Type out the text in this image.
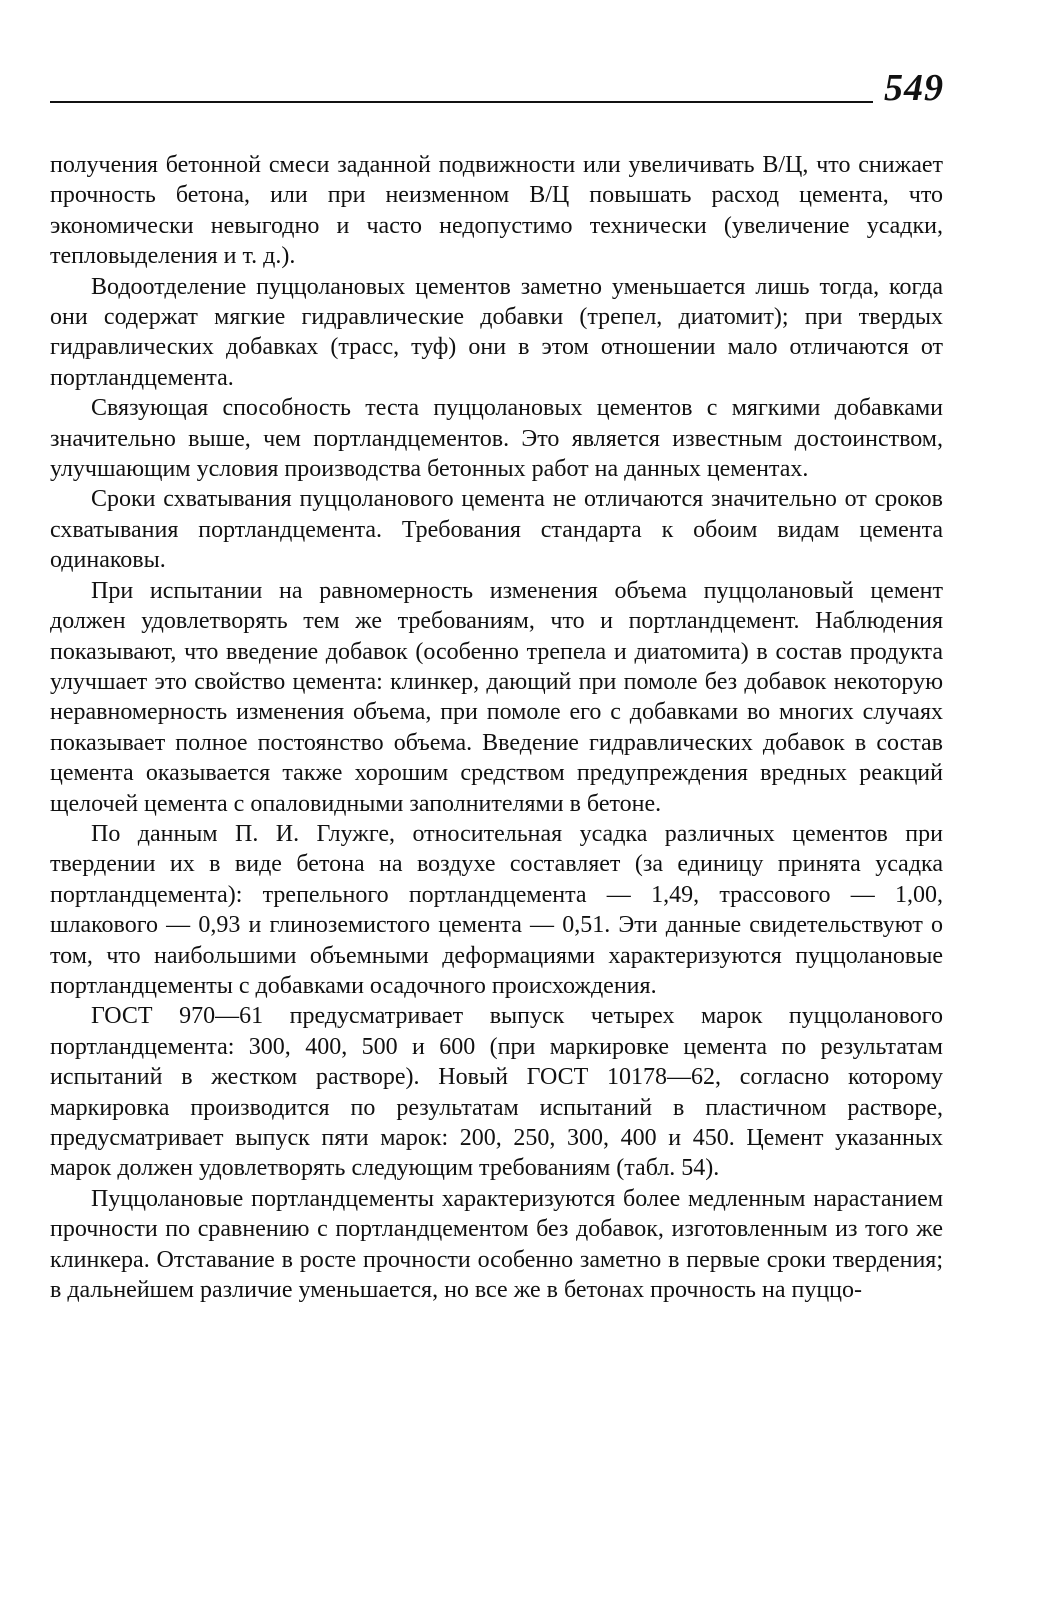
549

получения бетонной смеси заданной подвижности или увеличивать В/Ц, что снижает прочность бетона, или при неизменном В/Ц повышать расход цемента, что экономически невыгодно и часто недопустимо технически (увеличение усадки, тепловыделения и т. д.).

Водоотделение пуццолановых цементов заметно уменьшается лишь тогда, когда они содержат мягкие гидравлические добавки (трепел, диатомит); при твердых гидравлических добавках (трасс, туф) они в этом отношении мало отличаются от портландцемента.

Связующая способность теста пуццолановых цементов с мягкими добавками значительно выше, чем портландцементов. Это является известным достоинством, улучшающим условия производства бетонных работ на данных цементах.

Сроки схватывания пуццоланового цемента не отличаются значительно от сроков схватывания портландцемента. Требования стандарта к обоим видам цемента одинаковы.

При испытании на равномерность изменения объема пуццолановый цемент должен удовлетворять тем же требованиям, что и портландцемент. Наблюдения показывают, что введение добавок (особенно трепела и диатомита) в состав продукта улучшает это свойство цемента: клинкер, дающий при помоле без добавок некоторую неравномерность изменения объема, при помоле его с добавками во многих случаях показывает полное постоянство объема. Введение гидравлических добавок в состав цемента оказывается также хорошим средством предупреждения вредных реакций щелочей цемента с опаловидными заполнителями в бетоне.

По данным П. И. Глужге, относительная усадка различных цементов при твердении их в виде бетона на воздухе составляет (за единицу принята усадка портландцемента): трепельного портландцемента — 1,49, трассового — 1,00, шлакового — 0,93 и глиноземистого цемента — 0,51. Эти данные свидетельствуют о том, что наибольшими объемными деформациями характеризуются пуццолановые портландцементы с добавками осадочного происхождения.

ГОСТ 970—61 предусматривает выпуск четырех марок пуццоланового портландцемента: 300, 400, 500 и 600 (при маркировке цемента по результатам испытаний в жестком растворе). Новый ГОСТ 10178—62, согласно которому маркировка производится по результатам испытаний в пластичном растворе, предусматривает выпуск пяти марок: 200, 250, 300, 400 и 450. Цемент указанных марок должен удовлетворять следующим требованиям (табл. 54).

Пуццолановые портландцементы характеризуются более медленным нарастанием прочности по сравнению с портландцементом без добавок, изготовленным из того же клинкера. Отставание в росте прочности особенно заметно в первые сроки твердения; в дальнейшем различие уменьшается, но все же в бетонах прочность на пуццо-
